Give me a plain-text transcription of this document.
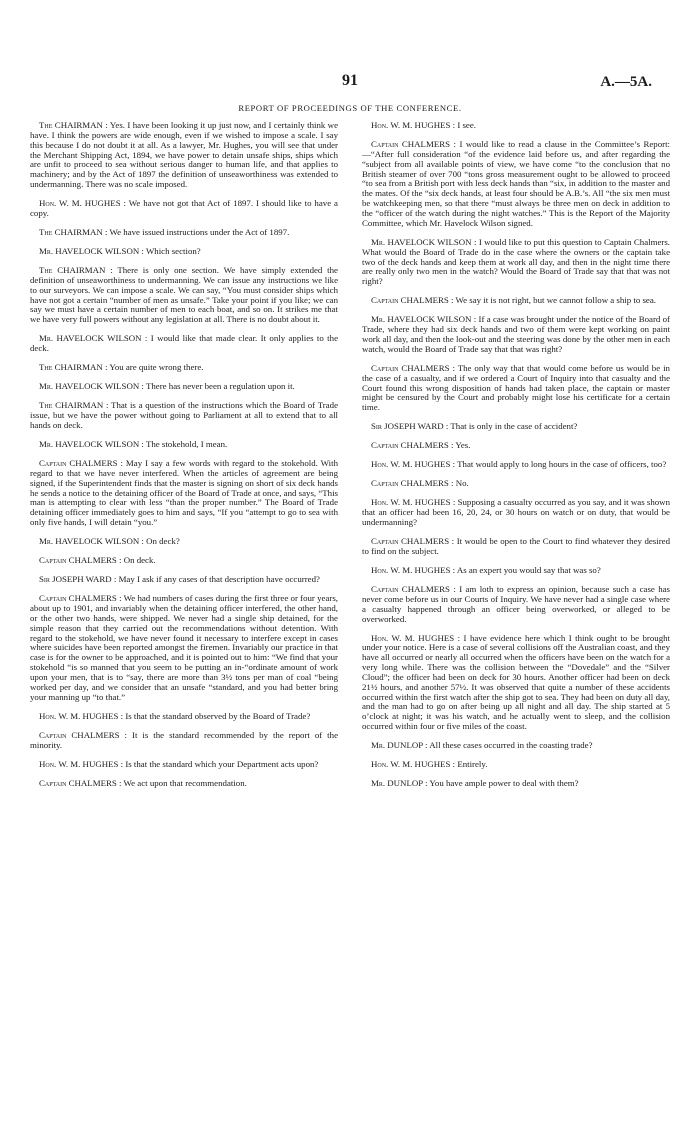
91	A.—5A.
REPORT OF PROCEEDINGS OF THE CONFERENCE.

The CHAIRMAN : Yes. I have been looking it up just now, and I certainly think we have. I think the powers are wide enough, even if we wished to impose a scale. I say this because I do not doubt it at all. As a lawyer, Mr. Hughes, you will see that under the Merchant Shipping Act, 1894, we have power to detain unsafe ships, ships which are unfit to proceed to sea without serious danger to human life, and that applies to machinery; and by the Act of 1897 the definition of unseaworthiness was extended to undermanning. There was no scale imposed.

Hon. W. M. HUGHES : We have not got that Act of 1897. I should like to have a copy.

The CHAIRMAN : We have issued instructions under the Act of 1897.

Mr. HAVELOCK WILSON : Which section?

The CHAIRMAN : There is only one section. We have simply extended the definition of unseaworthiness to undermanning. We can issue any instructions we like to our surveyors. We can impose a scale. We can say, “You must consider ships which have not got a certain “number of men as unsafe.” Take your point if you like; we can say we must have a certain number of men to each boat, and so on. It strikes me that we have very full powers without any legislation at all. There is no doubt about it.

Mr. HAVELOCK WILSON : I would like that made clear. It only applies to the deck.

The CHAIRMAN : You are quite wrong there.

Mr. HAVELOCK WILSON : There has never been a regulation upon it.

The CHAIRMAN : That is a question of the instructions which the Board of Trade issue, but we have the power without going to Parliament at all to extend that to all hands on deck.

Mr. HAVELOCK WILSON : The stokehold, I mean.

Captain CHALMERS : May I say a few words with regard to the stokehold. With regard to that we have never interfered. When the articles of agreement are being signed, if the Superintendent finds that the master is signing on short of six deck hands he sends a notice to the detaining officer of the Board of Trade at once, and says, “This man is attempting to clear with less “than the proper number.” The Board of Trade detaining officer immediately goes to him and says, “If you “attempt to go to sea with only five hands, I will detain “you.”

Mr. HAVELOCK WILSON : On deck?

Captain CHALMERS : On deck.

Sir JOSEPH WARD : May I ask if any cases of that description have occurred?

Captain CHALMERS : We had numbers of cases during the first three or four years, about up to 1901, and invariably when the detaining officer interfered, the other hand, or the other two hands, were shipped. We never had a single ship detained, for the simple reason that they carried out the recommendations without detention. With regard to the stokehold, we have never found it necessary to interfere except in cases where suicides have been reported amongst the firemen. Invariably our practice in that case is for the owner to be approached, and it is pointed out to him: “We find that your stokehold “is so manned that you seem to be putting an in-“ordinate amount of work upon your men, that is to “say, there are more than 3½ tons per man of coal “being worked per day, and we consider that an unsafe “standard, and you had better bring your manning up “to that.”

Hon. W. M. HUGHES : Is that the standard observed by the Board of Trade?

Captain CHALMERS : It is the standard recommended by the report of the minority.

Hon. W. M. HUGHES : Is that the standard which your Department acts upon?

Captain CHALMERS : We act upon that recommendation.

Hon. W. M. HUGHES : I see.

Captain CHALMERS : I would like to read a clause in the Committee’s Report:—“After full consideration “of the evidence laid before us, and after regarding the “subject from all available points of view, we have come “to the conclusion that no British steamer of over 700 “tons gross measurement ought to be allowed to proceed “to sea from a British port with less deck hands than “six, in addition to the master and the mates. Of the “six deck hands, at least four should be A.B.’s. All “the six men must be watchkeeping men, so that there “must always be three men on deck in addition to the “officer of the watch during the night watches.” This is the Report of the Majority Committee, which Mr. Havelock Wilson signed.

Mr. HAVELOCK WILSON : I would like to put this question to Captain Chalmers. What would the Board of Trade do in the case where the owners or the captain take two of the deck hands and keep them at work all day, and then in the night time there are really only two men in the watch? Would the Board of Trade say that that was not right?

Captain CHALMERS : We say it is not right, but we cannot follow a ship to sea.

Mr. HAVELOCK WILSON : If a case was brought under the notice of the Board of Trade, where they had six deck hands and two of them were kept working on paint work all day, and then the look-out and the steering was done by the other men in each watch, would the Board of Trade say that that was right?

Captain CHALMERS : The only way that that would come before us would be in the case of a casualty, and if we ordered a Court of Inquiry into that casualty and the Court found this wrong disposition of hands had taken place, the captain or master might be censured by the Court and probably might lose his certificate for a certain time.

Sir JOSEPH WARD : That is only in the case of accident?

Captain CHALMERS : Yes.

Hon. W. M. HUGHES : That would apply to long hours in the case of officers, too?

Captain CHALMERS : No.

Hon. W. M. HUGHES : Supposing a casualty occurred as you say, and it was shown that an officer had been 16, 20, 24, or 30 hours on watch or on duty, that would be undermanning?

Captain CHALMERS : It would be open to the Court to find whatever they desired to find on the subject.

Hon. W. M. HUGHES : As an expert you would say that was so?

Captain CHALMERS : I am loth to express an opinion, because such a case has never come before us in our Courts of Inquiry. We have never had a single case where a casualty happened through an officer being overworked, or alleged to be overworked.

Hon. W. M. HUGHES : I have evidence here which I think ought to be brought under your notice. Here is a case of several collisions off the Australian coast, and they have all occurred or nearly all occurred when the officers have been on the watch for a very long while. There was the collision between the “Dovedale” and the “Silver Cloud”; the officer had been on deck for 30 hours. Another officer had been on deck 21½ hours, and another 57½. It was observed that quite a number of these accidents occurred within the first watch after the ship got to sea. They had been on duty all day, and the man had to go on after being up all night and all day. The ship started at 5 o’clock at night; it was his watch, and he actually went to sleep, and the collision occurred within four or five miles of the coast.

Mr. DUNLOP : All these cases occurred in the coasting trade?

Hon. W. M. HUGHES : Entirely.

Mr. DUNLOP : You have ample power to deal with them?
